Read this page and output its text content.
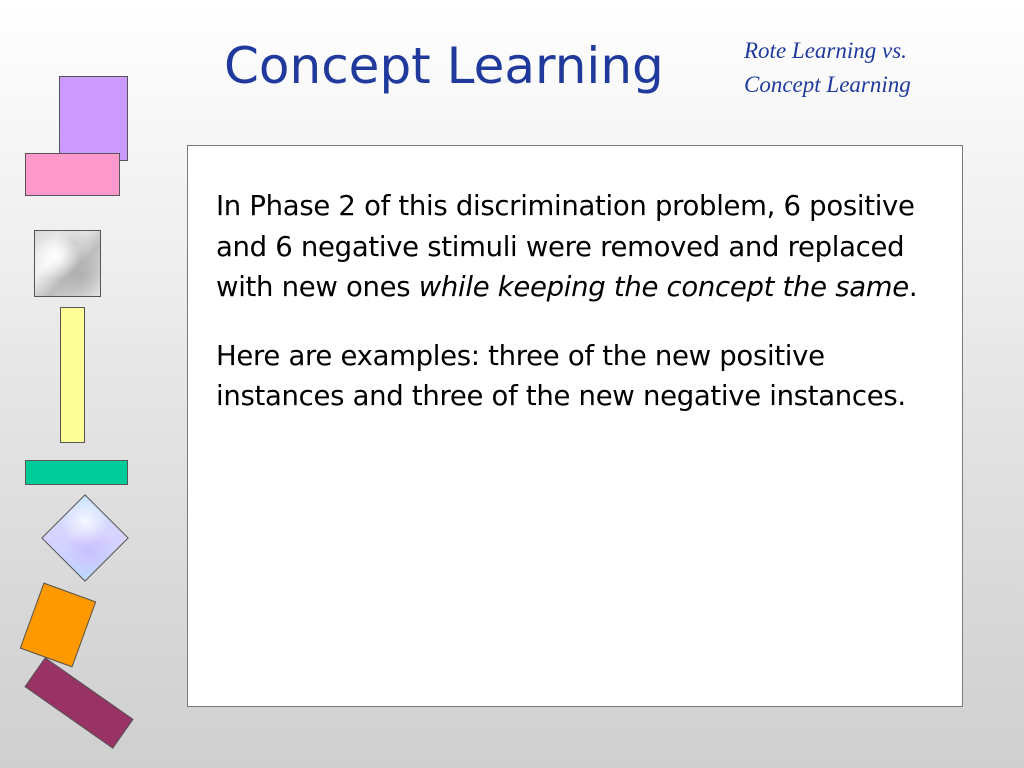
Concept Learning	Rote Learning vs.
Concept Learning

In Phase 2 of this discrimination problem, 6 positive and 6 negative stimuli were removed and replaced with new ones while keeping the concept the same.

Here are examples: three of the new positive instances and three of the new negative instances.
